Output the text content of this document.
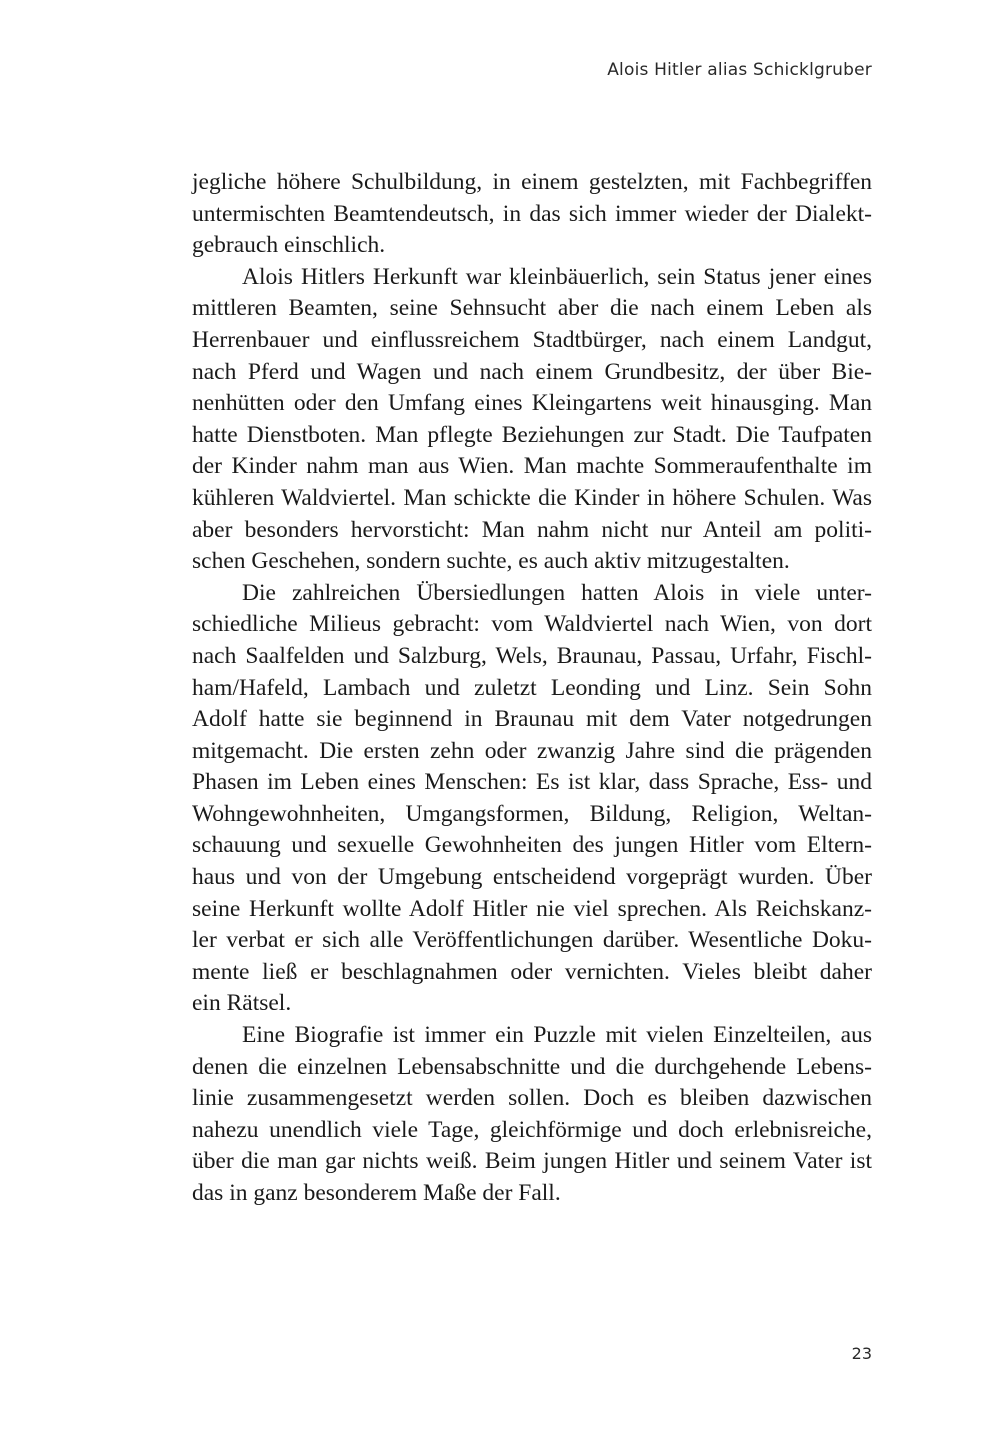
Alois Hitler alias Schicklgruber
jegliche höhere Schulbildung, in einem gestelzten, mit Fachbegriffen
untermischten Beamtendeutsch, in das sich immer wieder der Dialekt-
gebrauch einschlich.
Alois Hitlers Herkunft war kleinbäuerlich, sein Status jener eines
mittleren Beamten, seine Sehnsucht aber die nach einem Leben als
Herrenbauer und einflussreichem Stadtbürger, nach einem Landgut,
nach Pferd und Wagen und nach einem Grundbesitz, der über Bie-
nenhütten oder den Umfang eines Kleingartens weit hinausging. Man
hatte Dienstboten. Man pflegte Beziehungen zur Stadt. Die Taufpaten
der Kinder nahm man aus Wien. Man machte Sommeraufenthalte im
kühleren Waldviertel. Man schickte die Kinder in höhere Schulen. Was
aber besonders hervorsticht: Man nahm nicht nur Anteil am politi-
schen Geschehen, sondern suchte, es auch aktiv mitzugestalten.
Die zahlreichen Übersiedlungen hatten Alois in viele unter-
schiedliche Milieus gebracht: vom Waldviertel nach Wien, von dort
nach Saalfelden und Salzburg, Wels, Braunau, Passau, Urfahr, Fischl-
ham/Hafeld, Lambach und zuletzt Leonding und Linz. Sein Sohn
Adolf hatte sie beginnend in Braunau mit dem Vater notgedrungen
mitgemacht. Die ersten zehn oder zwanzig Jahre sind die prägenden
Phasen im Leben eines Menschen: Es ist klar, dass Sprache, Ess- und
Wohngewohnheiten, Umgangsformen, Bildung, Religion, Weltan-
schauung und sexuelle Gewohnheiten des jungen Hitler vom Eltern-
haus und von der Umgebung entscheidend vorgeprägt wurden. Über
seine Herkunft wollte Adolf Hitler nie viel sprechen. Als Reichskanz-
ler verbat er sich alle Veröffentlichungen darüber. Wesentliche Doku-
mente ließ er beschlagnahmen oder vernichten. Vieles bleibt daher
ein Rätsel.
Eine Biografie ist immer ein Puzzle mit vielen Einzelteilen, aus
denen die einzelnen Lebensabschnitte und die durchgehende Lebens-
linie zusammengesetzt werden sollen. Doch es bleiben dazwischen
nahezu unendlich viele Tage, gleichförmige und doch erlebnisreiche,
über die man gar nichts weiß. Beim jungen Hitler und seinem Vater ist
das in ganz besonderem Maße der Fall.
23
